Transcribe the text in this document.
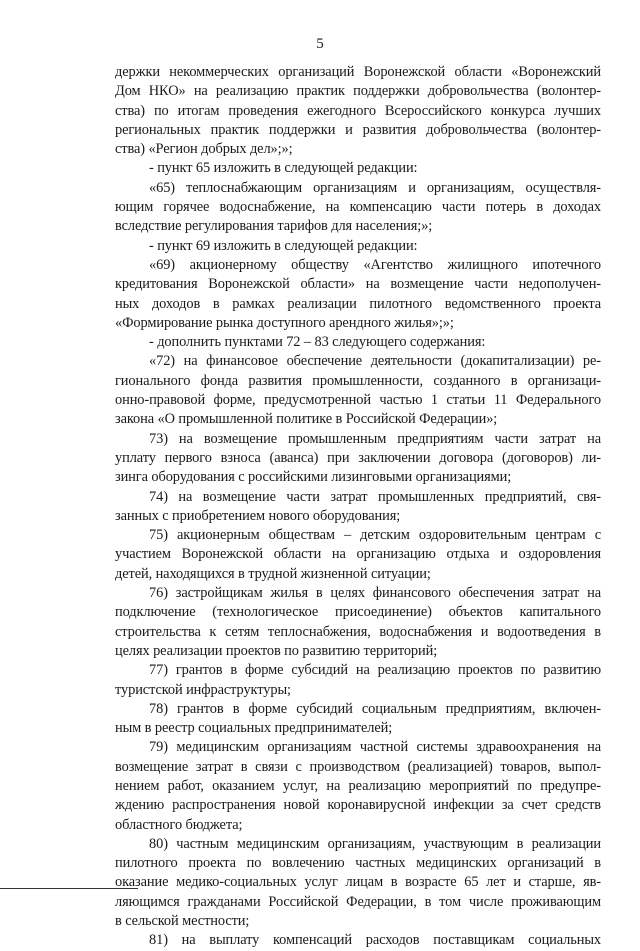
5
держки некоммерческих организаций Воронежской области «Воронежский
Дом НКО» на реализацию практик поддержки добровольчества (волонтер-
ства) по итогам проведения ежегодного Всероссийского конкурса лучших
региональных практик поддержки и развития добровольчества (волонтер-
ства) «Регион добрых дел»;»;
- пункт 65 изложить в следующей редакции:
«65) теплоснабжающим организациям и организациям, осуществля-
ющим горячее водоснабжение, на компенсацию части потерь в доходах
вследствие регулирования тарифов для населения;»;
- пункт 69 изложить в следующей редакции:
«69) акционерному обществу «Агентство жилищного ипотечного
кредитования Воронежской области» на возмещение части недополучен-
ных доходов в рамках реализации пилотного ведомственного проекта
«Формирование рынка доступного арендного жилья»;»;
- дополнить пунктами 72 – 83 следующего содержания:
«72) на финансовое обеспечение деятельности (докапитализации) ре-
гионального фонда развития промышленности, созданного в организаци-
онно-правовой форме, предусмотренной частью 1 статьи 11 Федерального
закона «О промышленной политике в Российской Федерации»;
73) на возмещение промышленным предприятиям части затрат на
уплату первого взноса (аванса) при заключении договора (договоров) ли-
зинга оборудования с российскими лизинговыми организациями;
74) на возмещение части затрат промышленных предприятий, свя-
занных с приобретением нового оборудования;
75) акционерным обществам – детским оздоровительным центрам с
участием Воронежской области на организацию отдыха и оздоровления
детей, находящихся в трудной жизненной ситуации;
76) застройщикам жилья в целях финансового обеспечения затрат на
подключение (технологическое присоединение) объектов капитального
строительства к сетям теплоснабжения, водоснабжения и водоотведения в
целях реализации проектов по развитию территорий;
77) грантов в форме субсидий на реализацию проектов по развитию
туристской инфраструктуры;
78) грантов в форме субсидий социальным предприятиям, включен-
ным в реестр социальных предпринимателей;
79) медицинским организациям частной системы здравоохранения на
возмещение затрат в связи с производством (реализацией) товаров, выпол-
нением работ, оказанием услуг, на реализацию мероприятий по предупре-
ждению распространения новой коронавирусной инфекции за счет средств
областного бюджета;
80) частным медицинским организациям, участвующим в реализации
пилотного проекта по вовлечению частных медицинских организаций в
оказание медико-социальных услуг лицам в возрасте 65 лет и старше, яв-
ляющимся гражданами Российской Федерации, в том числе проживающим
в сельской местности;
81) на выплату компенсаций расходов поставщикам социальных
